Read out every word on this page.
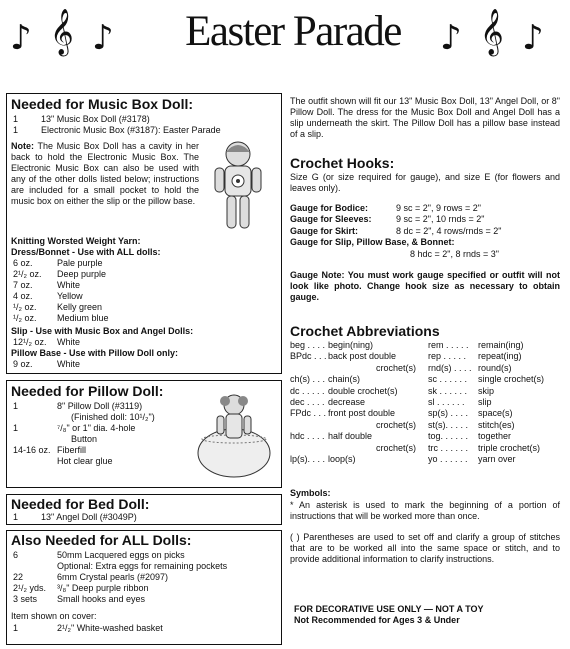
♪ 𝄞 ♪	Easter Parade	♪ 𝄞 ♪
Needed for Music Box Doll:
1	13" Music Box Doll (#3178)
1	Electronic Music Box (#3187): Easter Parade
Note: The Music Box Doll has a cavity in her back to hold the Electronic Music Box. The Electronic Music Box can also be used with any of the other dolls listed below; instructions are included for a small pocket to hold the music box on either the slip or the pillow base.
Knitting Worsted Weight Yarn:
Dress/Bonnet - Use with ALL dolls:
6 oz.	Pale purple
2¹/₂ oz. Deep purple
7 oz.	White
4 oz.	Yellow
¹/₂ oz. Kelly green
¹/₂ oz. Medium blue
Slip - Use with Music Box and Angel Dolls:
12¹/₂ oz. White
Pillow Base - Use with Pillow Doll only:
9 oz.	White
Needed for Pillow Doll:
1	8" Pillow Doll (#3119)
(Finished doll: 10¹/₂")
1	⁷/₈" or 1" dia. 4-hole
Button
14-16 oz. Fiberfill
Hot clear glue
Needed for Bed Doll:
1	13" Angel Doll (#3049P)
Also Needed for ALL Dolls:
6	50mm Lacquered eggs on picks
Optional: Extra eggs for remaining pockets
22	6mm Crystal pearls (#2097)
2¹/₂ yds. ³/₈" Deep purple ribbon
3 sets Small hooks and eyes
Item shown on cover:
1	2¹/₂" White-washed basket
The outfit shown will fit our 13" Music Box Doll, 13" Angel Doll, or 8" Pillow Doll. The dress for the Music Box Doll and Angel Doll has a slip underneath the skirt. The Pillow Doll has a pillow base instead of a slip.
Crochet Hooks:
Size G (or size required for gauge), and size E (for flowers and leaves only).
Gauge for Bodice:	9 sc = 2", 9 rows = 2"
Gauge for Sleeves:	9 sc = 2", 10 rnds = 2"
Gauge for Skirt:	8 dc = 2", 4 rows/rnds = 2"
Gauge for Slip, Pillow Base, & Bonnet:
8 hdc = 2", 8 rnds = 3"
Gauge Note: You must work gauge specified or outfit will not look like photo. Change hook size as necessary to obtain gauge.
Crochet Abbreviations
beg . . . . begin(ning)
BPdc . . . back post double
crochet(s)
ch(s) . . . chain(s)
dc . . . . . double crochet(s)
dec . . . . decrease
FPdc . . . front post double
crochet(s)
hdc . . . . half double
crochet(s)
lp(s). . . . loop(s)
rem . . . . . remain(ing)
rep . . . . . repeat(ing)
rnd(s) . . . . round(s)
sc . . . . . . single crochet(s)
sk . . . . . . skip
sl . . . . . . slip
sp(s) . . . . space(s)
st(s). . . . . stitch(es)
tog. . . . . . together
trc . . . . . . triple crochet(s)
yo . . . . . . yarn over
Symbols:
* An asterisk is used to mark the beginning of a portion of instructions that will be worked more than once.
( ) Parentheses are used to set off and clarify a group of stitches that are to be worked all into the same space or stitch, and to provide additional information to clarify instructions.
FOR DECORATIVE USE ONLY — NOT A TOY
Not Recommended for Ages 3 & Under
